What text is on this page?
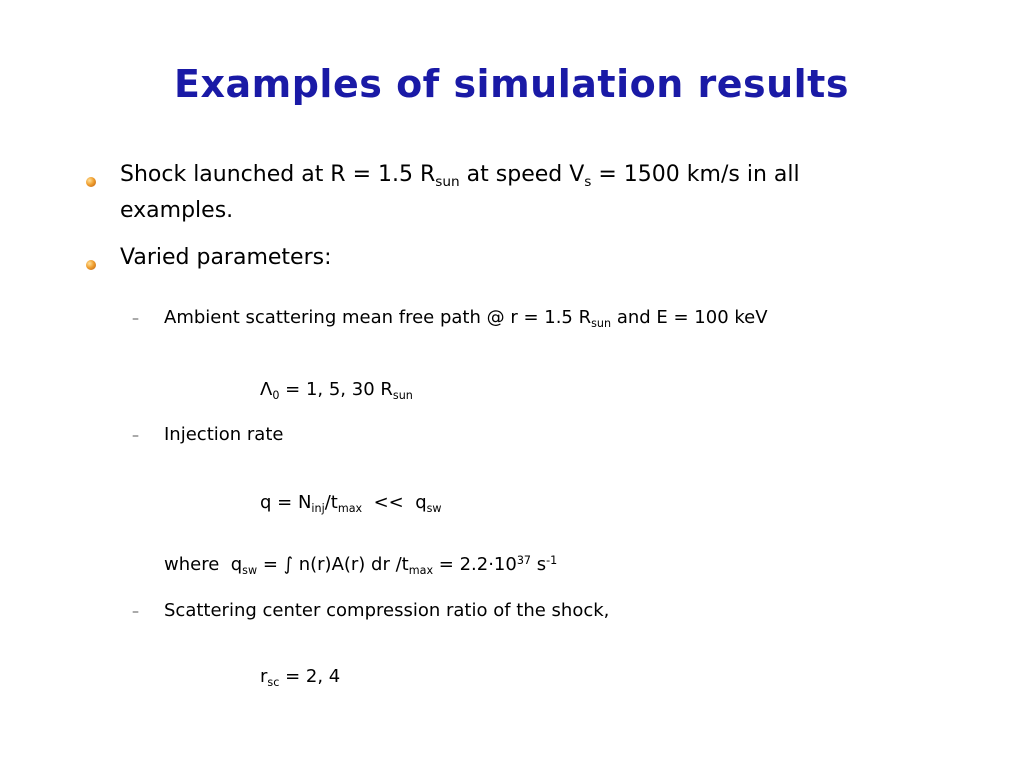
Examples of simulation results
Shock launched at R = 1.5 $R_{sun}$ at speed $V_s = 1500$ km/s in all
examples.
Varied parameters:
– Ambient scattering mean free path @ r = 1.5 $R_{sun}$ and E = 100 keV
$\Lambda_0 = 1$, 5, 30 $R_{sun}$
– Injection rate
$q = N_{inj}/t_{max} << q_{sw}$
where  $q_{sw}$ = ∫ n(r)A(r) dr $/t_{max} = 2.2\cdot 10^{37}$ $s^{-1}$
– Scattering center compression ratio of the shock,
$r_{sc} = 2$, 4
